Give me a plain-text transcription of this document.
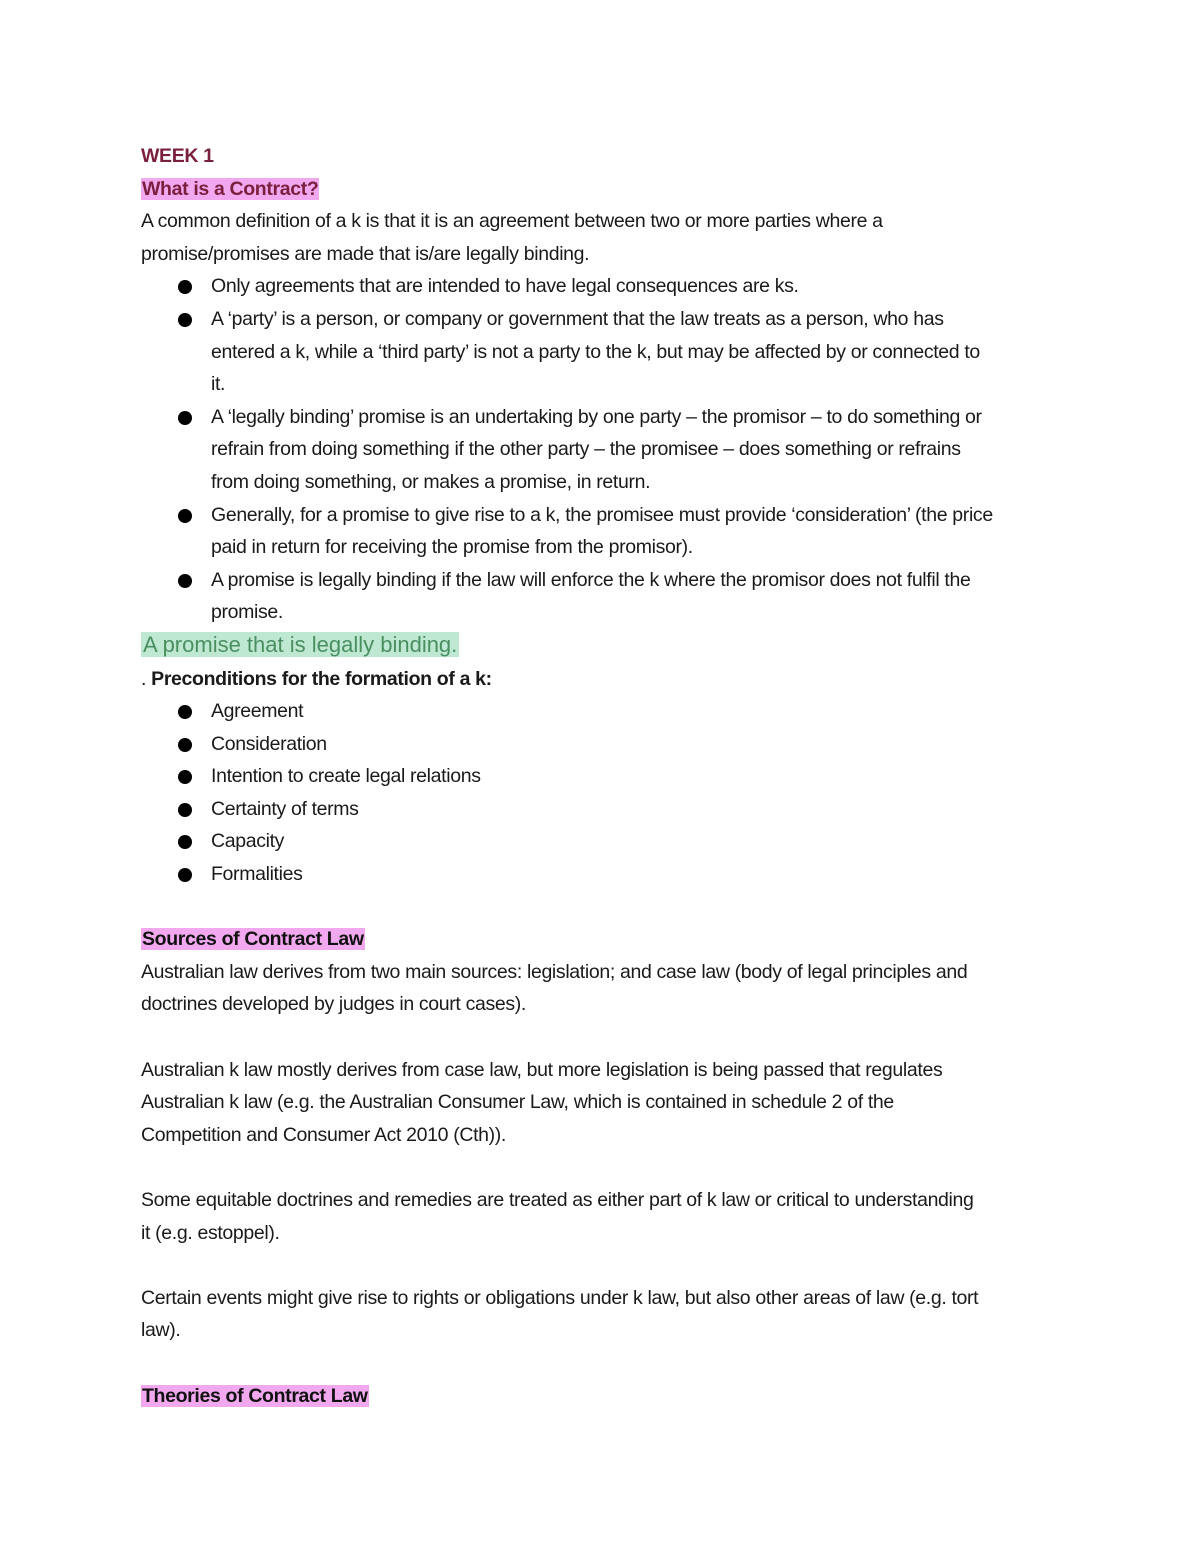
WEEK 1

What is a Contract?

A common definition of a k is that it is an agreement between two or more parties where a

promise/promises are made that is/are legally binding.

Only agreements that are intended to have legal consequences are ks.
A ‘party’ is a person, or company or government that the law treats as a person, who has
entered a k, while a ‘third party’ is not a party to the k, but may be affected by or connected to
it.
A ‘legally binding’ promise is an undertaking by one party – the promisor – to do something or
refrain from doing something if the other party – the promisee – does something or refrains
from doing something, or makes a promise, in return.
Generally, for a promise to give rise to a k, the promisee must provide ‘consideration’ (the price
paid in return for receiving the promise from the promisor).
A promise is legally binding if the law will enforce the k where the promisor does not fulfil the
promise.

A promise that is legally binding.

. Preconditions for the formation of a k:

Agreement
Consideration
Intention to create legal relations
Certainty of terms
Capacity
Formalities

Sources of Contract Law

Australian law derives from two main sources: legislation; and case law (body of legal principles and

doctrines developed by judges in court cases).

Australian k law mostly derives from case law, but more legislation is being passed that regulates

Australian k law (e.g. the Australian Consumer Law, which is contained in schedule 2 of the

Competition and Consumer Act 2010 (Cth)).

Some equitable doctrines and remedies are treated as either part of k law or critical to understanding

it (e.g. estoppel).

Certain events might give rise to rights or obligations under k law, but also other areas of law (e.g. tort

law).

Theories of Contract Law
